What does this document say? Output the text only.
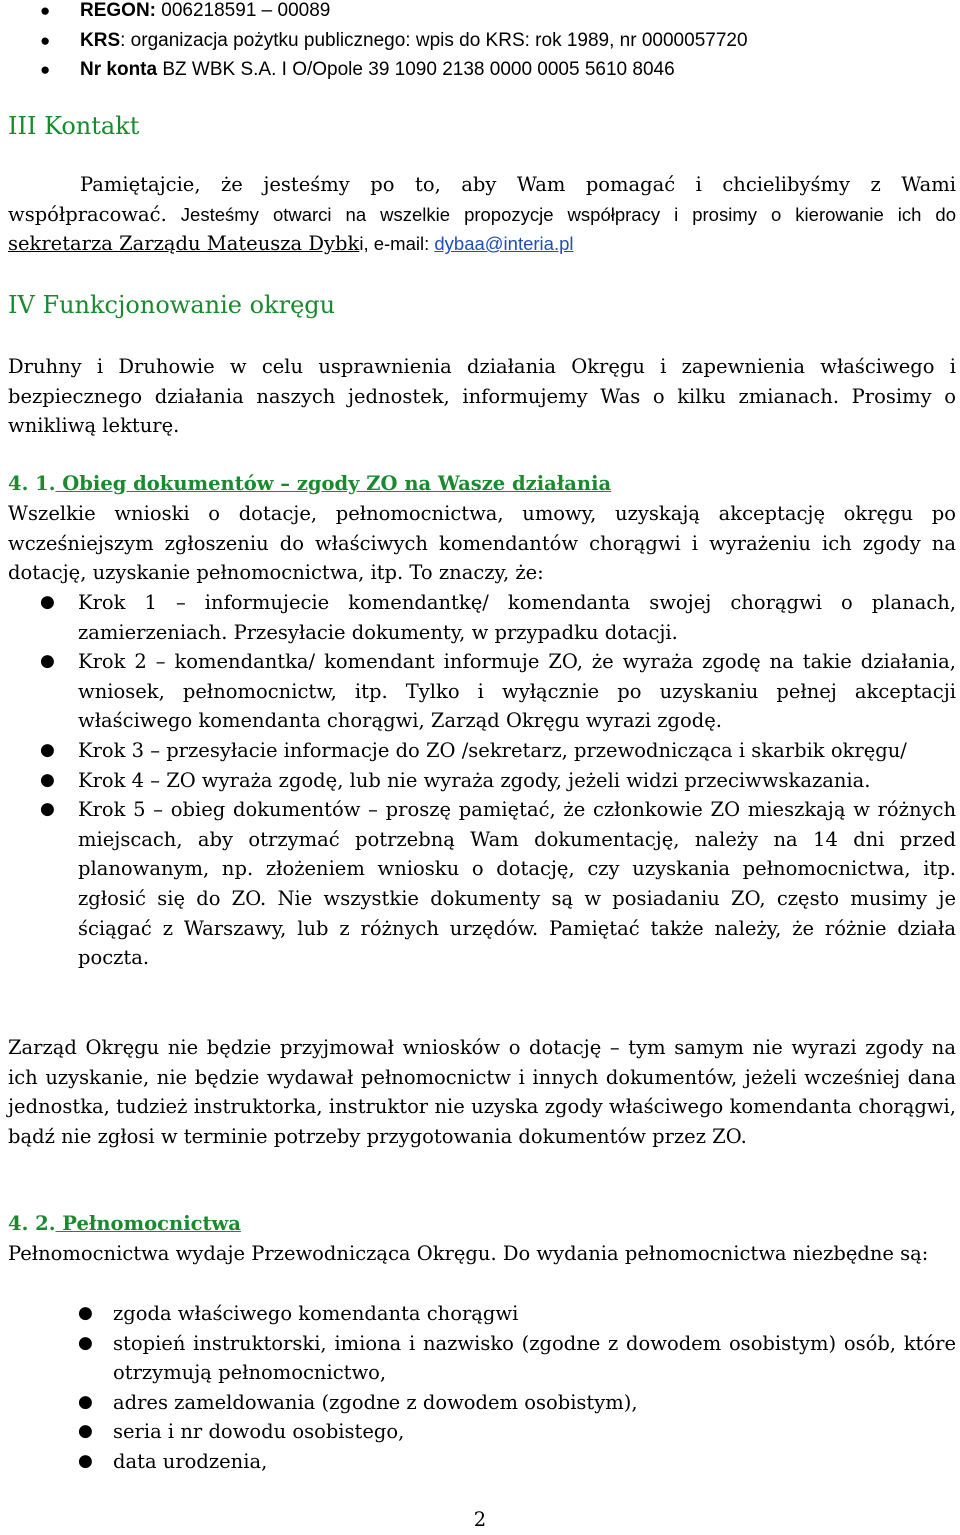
● REGON: 006218591 – 00089
● KRS: organizacja pożytku publicznego: wpis do KRS: rok 1989, nr 0000057720
● Nr konta BZ WBK S.A. I O/Opole 39 1090 2138 0000 0005 5610 8046
III Kontakt

Pamiętajcie, że jesteśmy po to, aby Wam pomagać i chcielibyśmy z Wami

współpracować. Jesteśmy otwarci na wszelkie propozycje współpracy i prosimy o kierowanie ich do sekretarza Zarządu Mateusza Dybki, e-mail: dybaa@interia.pl

IV Funkcjonowanie okręgu

Druhny i Druhowie w celu usprawnienia działania Okręgu i zapewnienia właściwego i bezpiecznego działania naszych jednostek, informujemy Was o kilku zmianach. Prosimy o wnikliwą lekturę.

4. 1. Obieg dokumentów – zgody ZO na Wasze działania

Wszelkie wnioski o dotacje, pełnomocnictwa, umowy, uzyskają akceptację okręgu po wcześniejszym zgłoszeniu do właściwych komendantów chorągwi i wyrażeniu ich zgody na dotację, uzyskanie pełnomocnictwa, itp. To znaczy, że:

● Krok 1 – informujecie komendantkę/ komendanta swojej chorągwi o planach, zamierzeniach. Przesyłacie dokumenty, w przypadku dotacji.
● Krok 2 – komendantka/ komendant informuje ZO, że wyraża zgodę na takie działania, wniosek, pełnomocnictw, itp. Tylko i wyłącznie po uzyskaniu pełnej akceptacji właściwego komendanta chorągwi, Zarząd Okręgu wyrazi zgodę.
● Krok 3 – przesyłacie informacje do ZO /sekretarz, przewodnicząca i skarbik okręgu/
● Krok 4 – ZO wyraża zgodę, lub nie wyraża zgody, jeżeli widzi przeciwwskazania.
● Krok 5 – obieg dokumentów – proszę pamiętać, że członkowie ZO mieszkają w różnych miejscach, aby otrzymać potrzebną Wam dokumentację, należy na 14 dni przed planowanym, np. złożeniem wniosku o dotację, czy uzyskania pełnomocnictwa, itp. zgłosić się do ZO. Nie wszystkie dokumenty są w posiadaniu ZO, często musimy je ściągać z Warszawy, lub z różnych urzędów. Pamiętać także należy, że różnie działa poczta.

Zarząd Okręgu nie będzie przyjmował wniosków o dotację – tym samym nie wyrazi zgody na ich uzyskanie, nie będzie wydawał pełnomocnictw i innych dokumentów, jeżeli wcześniej dana jednostka, tudzież instruktorka, instruktor nie uzyska zgody właściwego komendanta chorągwi, bądź nie zgłosi w terminie potrzeby przygotowania dokumentów przez ZO.

4. 2. Pełnomocnictwa

Pełnomocnictwa wydaje Przewodnicząca Okręgu. Do wydania pełnomocnictwa niezbędne są:

● zgoda właściwego komendanta chorągwi
● stopień instruktorski, imiona i nazwisko (zgodne z dowodem osobistym) osób, które otrzymują pełnomocnictwo,
● adres zameldowania (zgodne z dowodem osobistym),
● seria i nr dowodu osobistego,
● data urodzenia,
2
